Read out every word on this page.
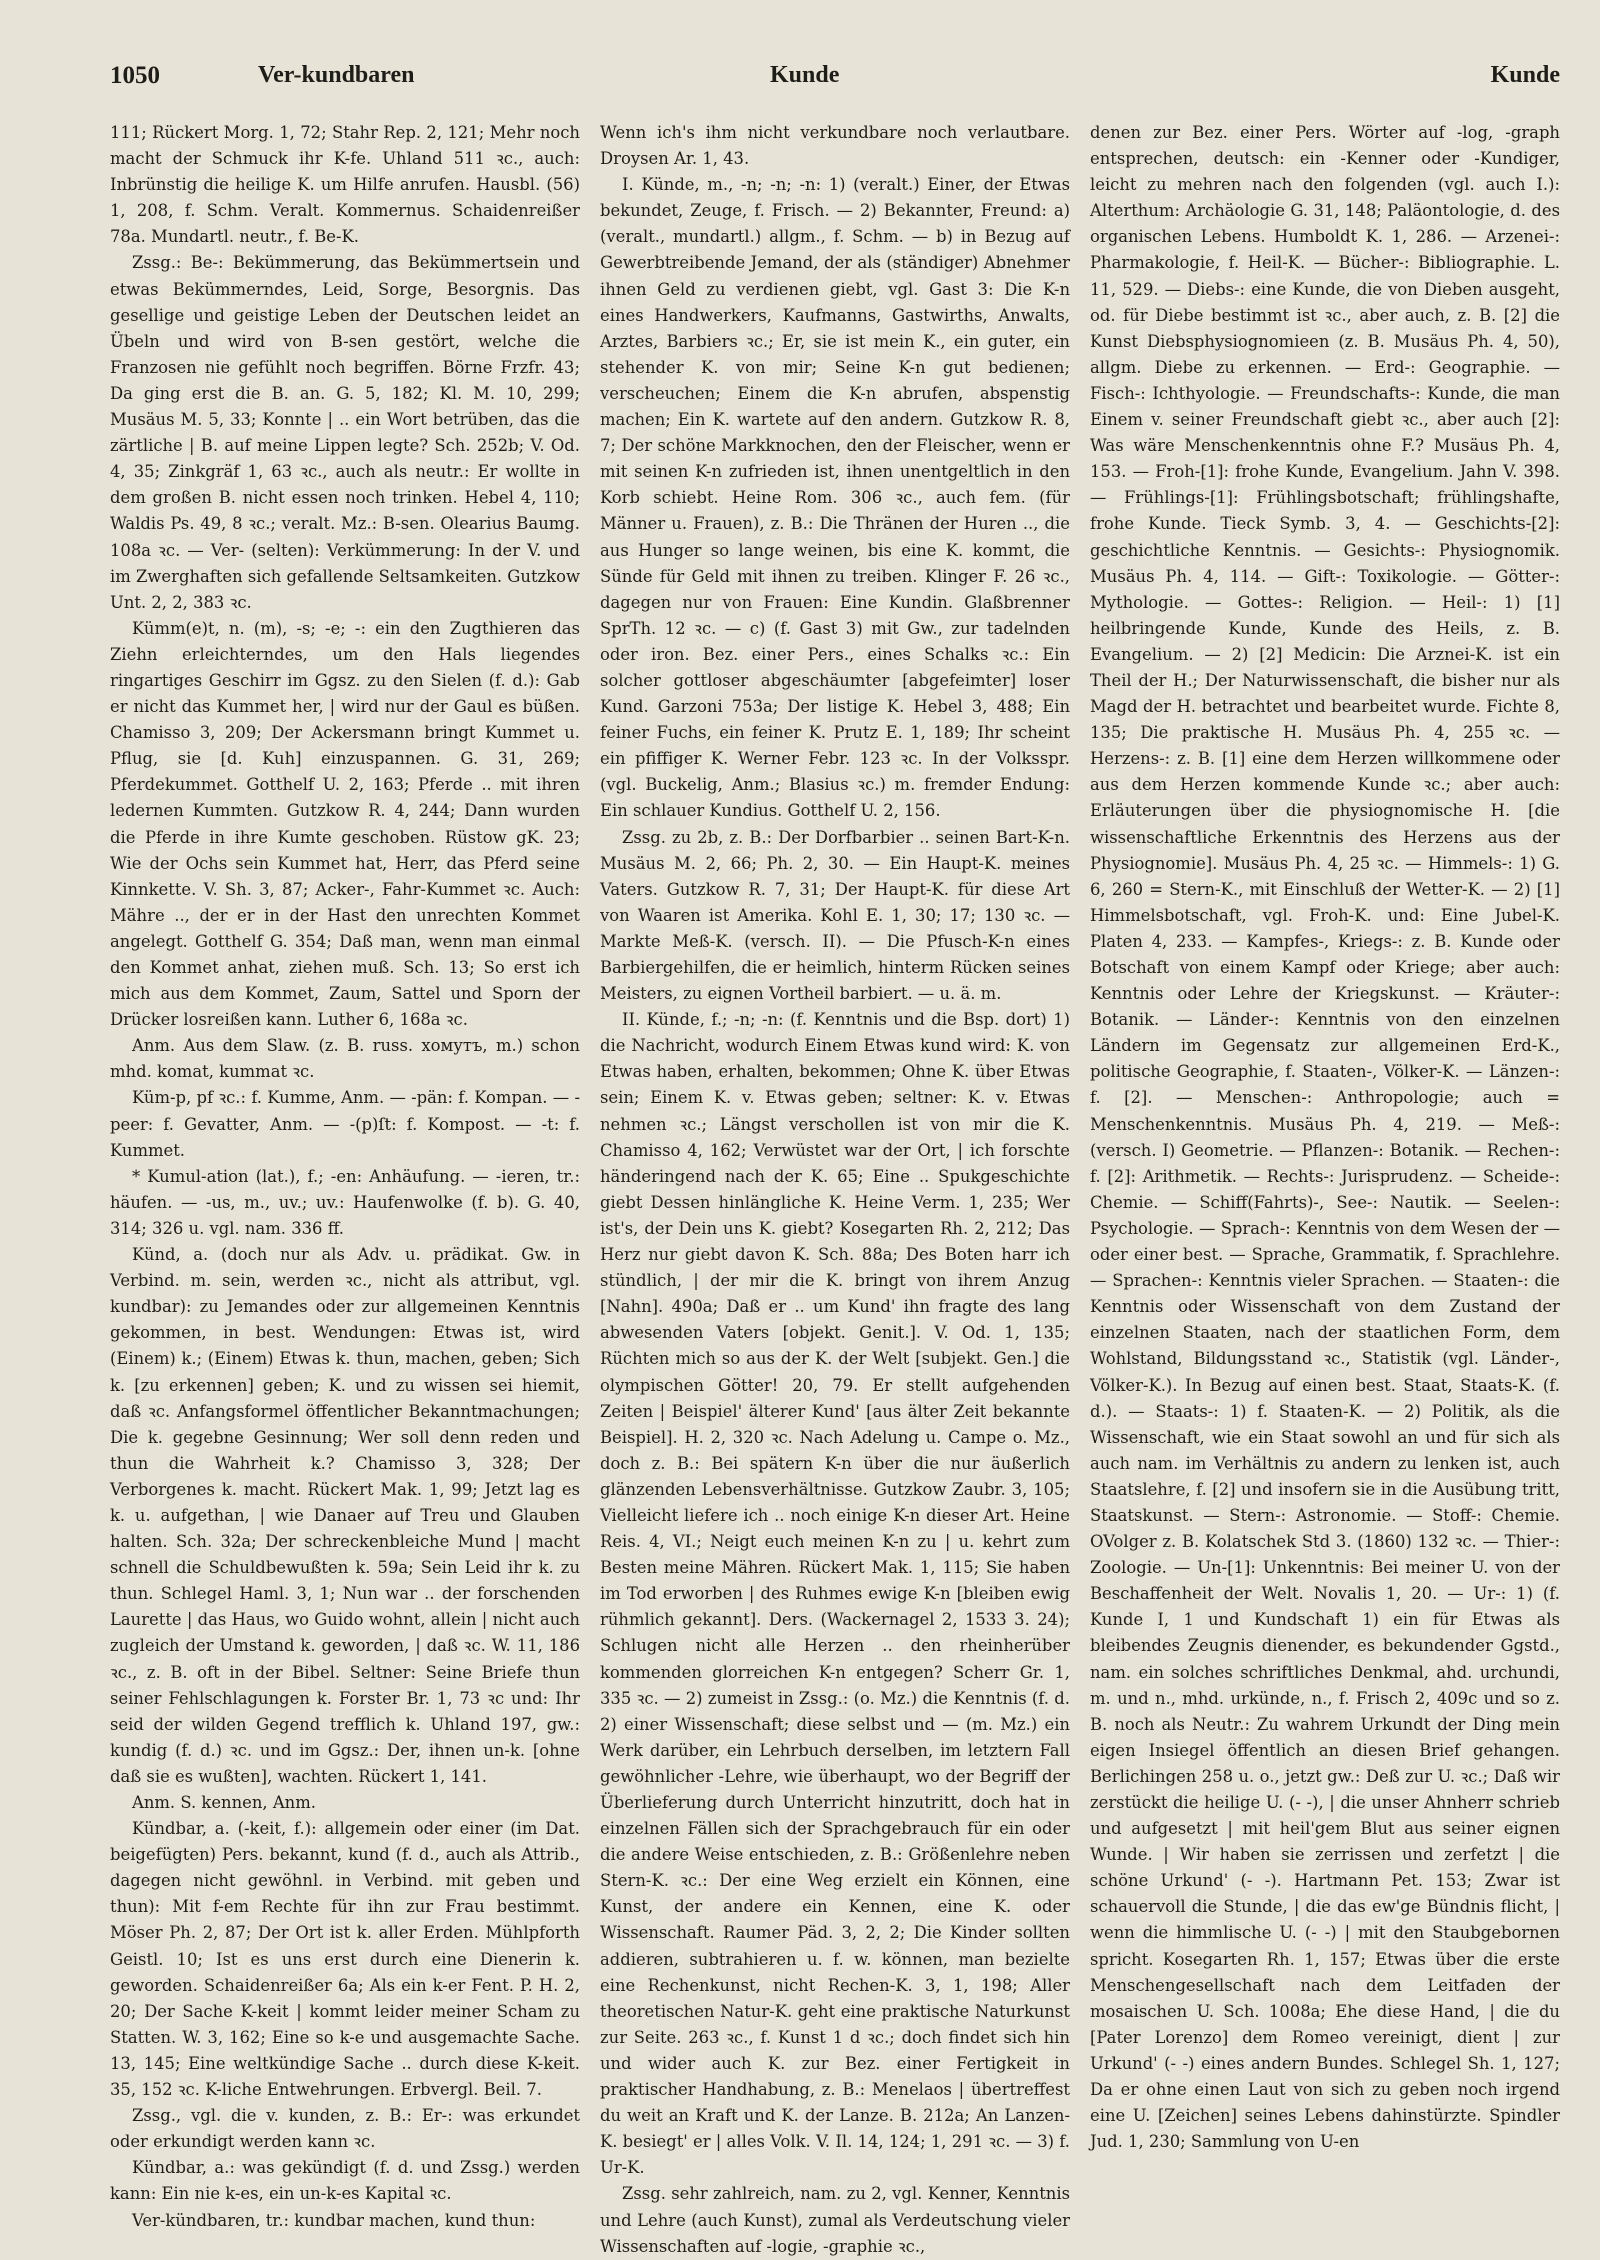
1050	Ver-kundbaren	Kunde	Kunde

111; Rückert Morg. 1, 72; Stahr Rep. 2, 121; Mehr noch macht der Schmuck ihr K-fe. Uhland 511 ꝛc., auch: Inbrünstig die heilige K. um Hilfe anrufen. Hausbl. (56) 1, 208, f. Schm. Veralt. Kommernus. Schaidenreißer 78a. Mundartl. neutr., f. Be-K.

Zssg.: Be-: Bekümmerung, das Bekümmertsein und etwas Bekümmerndes, Leid, Sorge, Besorgnis. Das gesellige und geistige Leben der Deutschen leidet an Übeln und wird von B-sen gestört, welche die Franzosen nie gefühlt noch begriffen. Börne Frzfr. 43; Da ging erst die B. an. G. 5, 182; Kl. M. 10, 299; Musäus M. 5, 33; Konnte | .. ein Wort betrüben, das die zärtliche | B. auf meine Lippen legte? Sch. 252b; V. Od. 4, 35; Zinkgräf 1, 63 ꝛc., auch als neutr.: Er wollte in dem großen B. nicht essen noch trinken. Hebel 4, 110; Waldis Ps. 49, 8 ꝛc.; veralt. Mz.: B-sen. Olearius Baumg. 108a ꝛc. — Ver- (selten): Verkümmerung: In der V. und im Zwerghaften sich gefallende Seltsamkeiten. Gutzkow Unt. 2, 2, 383 ꝛc.

Kümm(e)t, n. (m), -s; -e; -: ein den Zugthieren das Ziehn erleichterndes, um den Hals liegendes ringartiges Geschirr im Ggsz. zu den Sielen (f. d.): Gab er nicht das Kummet her, | wird nur der Gaul es büßen. Chamisso 3, 209; Der Ackersmann bringt Kummet u. Pflug, sie [d. Kuh] einzuspannen. G. 31, 269; Pferdekummet. Gotthelf U. 2, 163; Pferde .. mit ihren ledernen Kummten. Gutzkow R. 4, 244; Dann wurden die Pferde in ihre Kumte geschoben. Rüstow gK. 23; Wie der Ochs sein Kummet hat, Herr, das Pferd seine Kinnkette. V. Sh. 3, 87; Acker-, Fahr-Kummet ꝛc. Auch: Mähre .., der er in der Hast den unrechten Kommet angelegt. Gotthelf G. 354; Daß man, wenn man einmal den Kommet anhat, ziehen muß. Sch. 13; So erst ich mich aus dem Kommet, Zaum, Sattel und Sporn der Drücker losreißen kann. Luther 6, 168a ꝛc.

Anm. Aus dem Slaw. (z. B. russ. хомутъ, m.) schon mhd. komat, kummat ꝛc.

Küm-p, pf ꝛc.: f. Kumme, Anm. — -pän: f. Kompan. — -peer: f. Gevatter, Anm. — -(p)ſt: f. Kompost. — -t: f. Kummet.

* Kumul-ation (lat.), f.; -en: Anhäufung. — -ieren, tr.: häufen. — -us, m., uv.; uv.: Haufenwolke (f. b). G. 40, 314; 326 u. vgl. nam. 336 ff.

Künd, a. (doch nur als Adv. u. prädikat. Gw. in Verbind. m. sein, werden ꝛc., nicht als attribut, vgl. kundbar): zu Jemandes oder zur allgemeinen Kenntnis gekommen, in best. Wendungen: Etwas ist, wird (Einem) k.; (Einem) Etwas k. thun, machen, geben; Sich k. [zu erkennen] geben; K. und zu wissen sei hiemit, daß ꝛc. Anfangsformel öffentlicher Bekanntmachungen; Die k. gegebne Gesinnung; Wer soll denn reden und thun die Wahrheit k.? Chamisso 3, 328; Der Verborgenes k. macht. Rückert Mak. 1, 99; Jetzt lag es k. u. aufgethan, | wie Danaer auf Treu und Glauben halten. Sch. 32a; Der schreckenbleiche Mund | macht schnell die Schuldbewußten k. 59a; Sein Leid ihr k. zu thun. Schlegel Haml. 3, 1; Nun war .. der forschenden Laurette | das Haus, wo Guido wohnt, allein | nicht auch zugleich der Umstand k. geworden, | daß ꝛc. W. 11, 186 ꝛc., z. B. oft in der Bibel. Seltner: Seine Briefe thun seiner Fehlschlagungen k. Forster Br. 1, 73 ꝛc und: Ihr seid der wilden Gegend trefflich k. Uhland 197, gw.: kundig (f. d.) ꝛc. und im Ggsz.: Der, ihnen un-k. [ohne daß sie es wußten], wachten. Rückert 1, 141.

Anm. S. kennen, Anm.

Kündbar, a. (-keit, f.): allgemein oder einer (im Dat. beigefügten) Pers. bekannt, kund (f. d., auch als Attrib., dagegen nicht gewöhnl. in Verbind. mit geben und thun): Mit f-em Rechte für ihn zur Frau bestimmt. Möser Ph. 2, 87; Der Ort ist k. aller Erden. Mühlpforth Geistl. 10; Ist es uns erst durch eine Dienerin k. geworden. Schaidenreißer 6a; Als ein k-er Fent. P. H. 2, 20; Der Sache K-keit | kommt leider meiner Scham zu Statten. W. 3, 162; Eine so k-e und ausgemachte Sache. 13, 145; Eine weltkündige Sache .. durch diese K-keit. 35, 152 ꝛc. K-liche Entwehrungen. Erbvergl. Beil. 7.

Zssg., vgl. die v. kunden, z. B.: Er-: was erkundet oder erkundigt werden kann ꝛc.

Kündbar, a.: was gekündigt (f. d. und Zssg.) werden kann: Ein nie k-es, ein un-k-es Kapital ꝛc.

Ver-kündbaren, tr.: kundbar machen, kund thun:

Wenn ich's ihm nicht verkundbare noch verlautbare. Droysen Ar. 1, 43.

I. Künde, m., -n; -n; -n: 1) (veralt.) Einer, der Etwas bekundet, Zeuge, f. Frisch. — 2) Bekannter, Freund: a) (veralt., mundartl.) allgm., f. Schm. — b) in Bezug auf Gewerbtreibende Jemand, der als (ständiger) Abnehmer ihnen Geld zu verdienen giebt, vgl. Gast 3: Die K-n eines Handwerkers, Kaufmanns, Gastwirths, Anwalts, Arztes, Barbiers ꝛc.; Er, sie ist mein K., ein guter, ein stehender K. von mir; Seine K-n gut bedienen; verscheuchen; Einem die K-n abrufen, abspenstig machen; Ein K. wartete auf den andern. Gutzkow R. 8, 7; Der schöne Markknochen, den der Fleischer, wenn er mit seinen K-n zufrieden ist, ihnen unentgeltlich in den Korb schiebt. Heine Rom. 306 ꝛc., auch fem. (für Männer u. Frauen), z. B.: Die Thränen der Huren .., die aus Hunger so lange weinen, bis eine K. kommt, die Sünde für Geld mit ihnen zu treiben. Klinger F. 26 ꝛc., dagegen nur von Frauen: Eine Kundin. Glaßbrenner SprTh. 12 ꝛc. — c) (f. Gast 3) mit Gw., zur tadelnden oder iron. Bez. einer Pers., eines Schalks ꝛc.: Ein solcher gottloser abgeschäumter [abgefeimter] loser Kund. Garzoni 753a; Der listige K. Hebel 3, 488; Ein feiner Fuchs, ein feiner K. Prutz E. 1, 189; Ihr scheint ein pfiffiger K. Werner Febr. 123 ꝛc. In der Volksspr. (vgl. Buckelig, Anm.; Blasius ꝛc.) m. fremder Endung: Ein schlauer Kundius. Gotthelf U. 2, 156.

Zssg. zu 2b, z. B.: Der Dorfbarbier .. seinen Bart-K-n. Musäus M. 2, 66; Ph. 2, 30. — Ein Haupt-K. meines Vaters. Gutzkow R. 7, 31; Der Haupt-K. für diese Art von Waaren ist Amerika. Kohl E. 1, 30; 17; 130 ꝛc. — Markte Meß-K. (versch. II). — Die Pfusch-K-n eines Barbiergehilfen, die er heimlich, hinterm Rücken seines Meisters, zu eignen Vortheil barbiert. — u. ä. m.

II. Künde, f.; -n; -n: (f. Kenntnis und die Bsp. dort) 1) die Nachricht, wodurch Einem Etwas kund wird: K. von Etwas haben, erhalten, bekommen; Ohne K. über Etwas sein; Einem K. v. Etwas geben; seltner: K. v. Etwas nehmen ꝛc.; Längst verschollen ist von mir die K. Chamisso 4, 162; Verwüstet war der Ort, | ich forschte händeringend nach der K. 65; Eine .. Spukgeschichte giebt Dessen hinlängliche K. Heine Verm. 1, 235; Wer ist's, der Dein uns K. giebt? Kosegarten Rh. 2, 212; Das Herz nur giebt davon K. Sch. 88a; Des Boten harr ich stündlich, | der mir die K. bringt von ihrem Anzug [Nahn]. 490a; Daß er .. um Kund' ihn fragte des lang abwesenden Vaters [objekt. Genit.]. V. Od. 1, 135; Rüchten mich so aus der K. der Welt [subjekt. Gen.] die olympischen Götter! 20, 79. Er stellt aufgehenden Zeiten | Beispiel' älterer Kund' [aus älter Zeit bekannte Beispiel]. H. 2, 320 ꝛc. Nach Adelung u. Campe o. Mz., doch z. B.: Bei spätern K-n über die nur äußerlich glänzenden Lebensverhältnisse. Gutzkow Zaubr. 3, 105; Vielleicht liefere ich .. noch einige K-n dieser Art. Heine Reis. 4, VI.; Neigt euch meinen K-n zu | u. kehrt zum Besten meine Mähren. Rückert Mak. 1, 115; Sie haben im Tod erworben | des Ruhmes ewige K-n [bleiben ewig rühmlich gekannt]. Ders. (Wackernagel 2, 1533 3. 24); Schlugen nicht alle Herzen .. den rheinherüber kommenden glorreichen K-n entgegen? Scherr Gr. 1, 335 ꝛc. — 2) zumeist in Zssg.: (o. Mz.) die Kenntnis (f. d. 2) einer Wissenschaft; diese selbst und — (m. Mz.) ein Werk darüber, ein Lehrbuch derselben, im letztern Fall gewöhnlicher -Lehre, wie überhaupt, wo der Begriff der Überlieferung durch Unterricht hinzutritt, doch hat in einzelnen Fällen sich der Sprachgebrauch für ein oder die andere Weise entschieden, z. B.: Größenlehre neben Stern-K. ꝛc.: Der eine Weg erzielt ein Können, eine Kunst, der andere ein Kennen, eine K. oder Wissenschaft. Raumer Päd. 3, 2, 2; Die Kinder sollten addieren, subtrahieren u. f. w. können, man bezielte eine Rechenkunst, nicht Rechen-K. 3, 1, 198; Aller theoretischen Natur-K. geht eine praktische Naturkunst zur Seite. 263 ꝛc., f. Kunst 1 d ꝛc.; doch findet sich hin und wider auch K. zur Bez. einer Fertigkeit in praktischer Handhabung, z. B.: Menelaos | übertreffest du weit an Kraft und K. der Lanze. B. 212a; An Lanzen-K. besiegt' er | alles Volk. V. Il. 14, 124; 1, 291 ꝛc. — 3) f. Ur-K.

Zssg. sehr zahlreich, nam. zu 2, vgl. Kenner, Kenntnis und Lehre (auch Kunst), zumal als Verdeutschung vieler Wissenschaften auf -logie, -graphie ꝛc.,

denen zur Bez. einer Pers. Wörter auf -log, -graph entsprechen, deutsch: ein -Kenner oder -Kundiger, leicht zu mehren nach den folgenden (vgl. auch I.): Alterthum: Archäologie G. 31, 148; Paläontologie, d. des organischen Lebens. Humboldt K. 1, 286. — Arzenei-: Pharmakologie, f. Heil-K. — Bücher-: Bibliographie. L. 11, 529. — Diebs-: eine Kunde, die von Dieben ausgeht, od. für Diebe bestimmt ist ꝛc., aber auch, z. B. [2] die Kunst Diebsphysiognomieen (z. B. Musäus Ph. 4, 50), allgm. Diebe zu erkennen. — Erd-: Geographie. — Fisch-: Ichthyologie. — Freundschafts-: Kunde, die man Einem v. seiner Freundschaft giebt ꝛc., aber auch [2]: Was wäre Menschenkenntnis ohne F.? Musäus Ph. 4, 153. — Froh-[1]: frohe Kunde, Evangelium. Jahn V. 398. — Frühlings-[1]: Frühlingsbotschaft; frühlingshafte, frohe Kunde. Tieck Symb. 3, 4. — Geschichts-[2]: geschichtliche Kenntnis. — Gesichts-: Physiognomik. Musäus Ph. 4, 114. — Gift-: Toxikologie. — Götter-: Mythologie. — Gottes-: Religion. — Heil-: 1) [1] heilbringende Kunde, Kunde des Heils, z. B. Evangelium. — 2) [2] Medicin: Die Arznei-K. ist ein Theil der H.; Der Naturwissenschaft, die bisher nur als Magd der H. betrachtet und bearbeitet wurde. Fichte 8, 135; Die praktische H. Musäus Ph. 4, 255 ꝛc. — Herzens-: z. B. [1] eine dem Herzen willkommene oder aus dem Herzen kommende Kunde ꝛc.; aber auch: Erläuterungen über die physiognomische H. [die wissenschaftliche Erkenntnis des Herzens aus der Physiognomie]. Musäus Ph. 4, 25 ꝛc. — Himmels-: 1) G. 6, 260 = Stern-K., mit Einschluß der Wetter-K. — 2) [1] Himmelsbotschaft, vgl. Froh-K. und: Eine Jubel-K. Platen 4, 233. — Kampfes-, Kriegs-: z. B. Kunde oder Botschaft von einem Kampf oder Kriege; aber auch: Kenntnis oder Lehre der Kriegskunst. — Kräuter-: Botanik. — Länder-: Kenntnis von den einzelnen Ländern im Gegensatz zur allgemeinen Erd-K., politische Geographie, f. Staaten-, Völker-K. — Länzen-: f. [2]. — Menschen-: Anthropologie; auch = Menschenkenntnis. Musäus Ph. 4, 219. — Meß-: (versch. I) Geometrie. — Pflanzen-: Botanik. — Rechen-: f. [2]: Arithmetik. — Rechts-: Jurisprudenz. — Scheide-: Chemie. — Schiff(Fahrts)-, See-: Nautik. — Seelen-: Psychologie. — Sprach-: Kenntnis von dem Wesen der — oder einer best. — Sprache, Grammatik, f. Sprachlehre. — Sprachen-: Kenntnis vieler Sprachen. — Staaten-: die Kenntnis oder Wissenschaft von dem Zustand der einzelnen Staaten, nach der staatlichen Form, dem Wohlstand, Bildungsstand ꝛc., Statistik (vgl. Länder-, Völker-K.). In Bezug auf einen best. Staat, Staats-K. (f. d.). — Staats-: 1) f. Staaten-K. — 2) Politik, als die Wissenschaft, wie ein Staat sowohl an und für sich als auch nam. im Verhältnis zu andern zu lenken ist, auch Staatslehre, f. [2] und insofern sie in die Ausübung tritt, Staatskunst. — Stern-: Astronomie. — Stoff-: Chemie. OVolger z. B. Kolatschek Std 3. (1860) 132 ꝛc. — Thier-: Zoologie. — Un-[1]: Unkenntnis: Bei meiner U. von der Beschaffenheit der Welt. Novalis 1, 20. — Ur-: 1) (f. Kunde I, 1 und Kundschaft 1) ein für Etwas als bleibendes Zeugnis dienender, es bekundender Ggstd., nam. ein solches schriftliches Denkmal, ahd. urchundi, m. und n., mhd. urkünde, n., f. Frisch 2, 409c und so z. B. noch als Neutr.: Zu wahrem Urkundt der Ding mein eigen Insiegel öffentlich an diesen Brief gehangen. Berlichingen 258 u. o., jetzt gw.: Deß zur U. ꝛc.; Daß wir zerstückt die heilige U. (- -), | die unser Ahnherr schrieb und aufgesetzt | mit heil'gem Blut aus seiner eignen Wunde. | Wir haben sie zerrissen und zerfetzt | die schöne Urkund' (- -). Hartmann Pet. 153; Zwar ist schauervoll die Stunde, | die das ew'ge Bündnis flicht, | wenn die himmlische U. (- -) | mit den Staubgebornen spricht. Kosegarten Rh. 1, 157; Etwas über die erste Menschengesellschaft nach dem Leitfaden der mosaischen U. Sch. 1008a; Ehe diese Hand, | die du [Pater Lorenzo] dem Romeo vereinigt, dient | zur Urkund' (- -) eines andern Bundes. Schlegel Sh. 1, 127; Da er ohne einen Laut von sich zu geben noch irgend eine U. [Zeichen] seines Lebens dahinstürzte. Spindler Jud. 1, 230; Sammlung von U-en
